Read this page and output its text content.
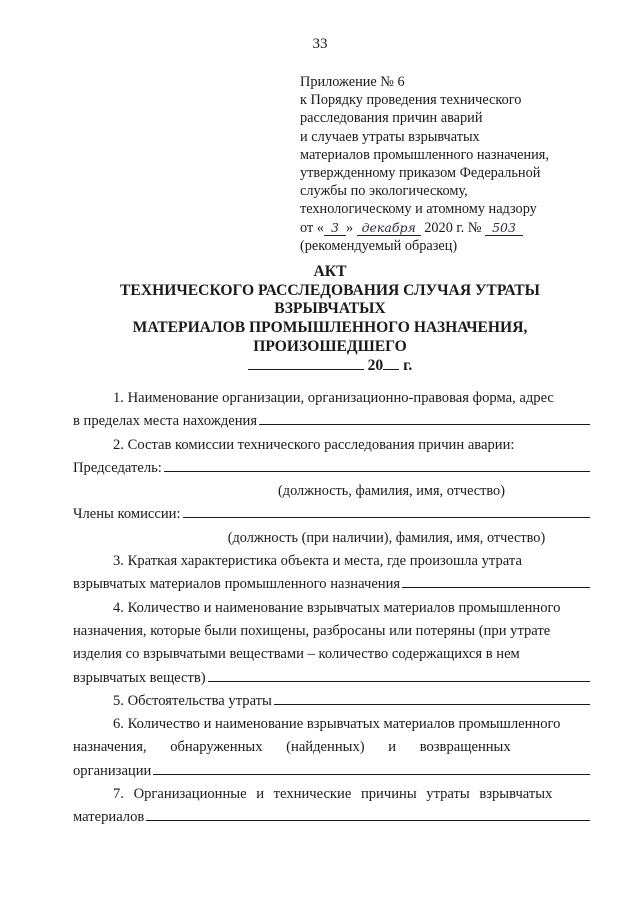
33
Приложение № 6
к Порядку проведения технического
расследования причин аварий
и случаев утраты взрывчатых
материалов промышленного назначения,
утвержденному приказом Федеральной
службы по экологическому,
технологическому и атомному надзору
от « 3 » декабря 2020 г. № 503
(рекомендуемый образец)
АКТ
ТЕХНИЧЕСКОГО РАССЛЕДОВАНИЯ СЛУЧАЯ УТРАТЫ
ВЗРЫВЧАТЫХ
МАТЕРИАЛОВ ПРОМЫШЛЕННОГО НАЗНАЧЕНИЯ,
ПРОИЗОШЕДШЕГО
20 г.
1. Наименование организации, организационно-правовая форма, адрес
в пределах места нахождения
2. Состав комиссии технического расследования причин аварии:
Председатель:
(должность, фамилия, имя, отчество)
Члены комиссии:
(должность (при наличии), фамилия, имя, отчество)
3. Краткая характеристика объекта и места, где произошла утрата
взрывчатых материалов промышленного назначения
4. Количество и наименование взрывчатых материалов промышленного
назначения, которые были похищены, разбросаны или потеряны (при утрате
изделия со взрывчатыми веществами – количество содержащихся в нем
взрывчатых веществ)
5. Обстоятельства утраты
6. Количество и наименование взрывчатых материалов промышленного
назначения, обнаруженных (найденных) и возвращенных
организации
7. Организационные и технические причины утраты взрывчатых
материалов
